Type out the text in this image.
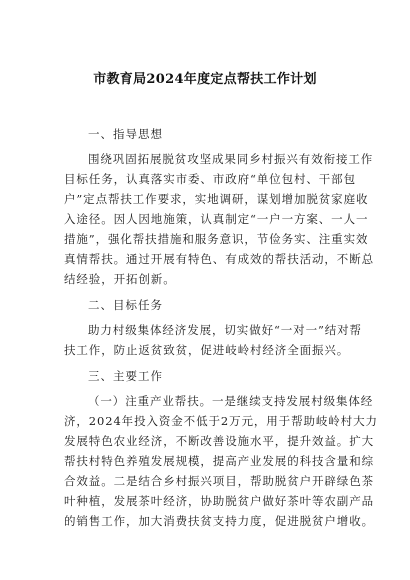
市教育局2024年度定点帮扶工作计划
一、指导思想
围绕巩固拓展脱贫攻坚成果同乡村振兴有效衔接工作
目标任务，认真落实市委、市政府“单位包村、干部包
户”定点帮扶工作要求，实地调研，谋划增加脱贫家庭收
入途径。因人因地施策，认真制定“一户一方案、一人一
措施”，强化帮扶措施和服务意识，节俭务实、注重实效
真情帮扶。通过开展有特色、有成效的帮扶活动，不断总
结经验，开拓创新。
二、目标任务
助力村级集体经济发展，切实做好“一对一”结对帮
扶工作，防止返贫致贫，促进岐岭村经济全面振兴。
三、主要工作
（一）注重产业帮扶。一是继续支持发展村级集体经
济，2024年投入资金不低于2万元，用于帮助岐岭村大力
发展特色农业经济，不断改善设施水平，提升效益。扩大
帮扶村特色养殖发展规模，提高产业发展的科技含量和综
合效益。二是结合乡村振兴项目，帮助脱贫户开辟绿色茶
叶种植，发展茶叶经济，协助脱贫户做好茶叶等农副产品
的销售工作，加大消费扶贫支持力度，促进脱贫户增收。
